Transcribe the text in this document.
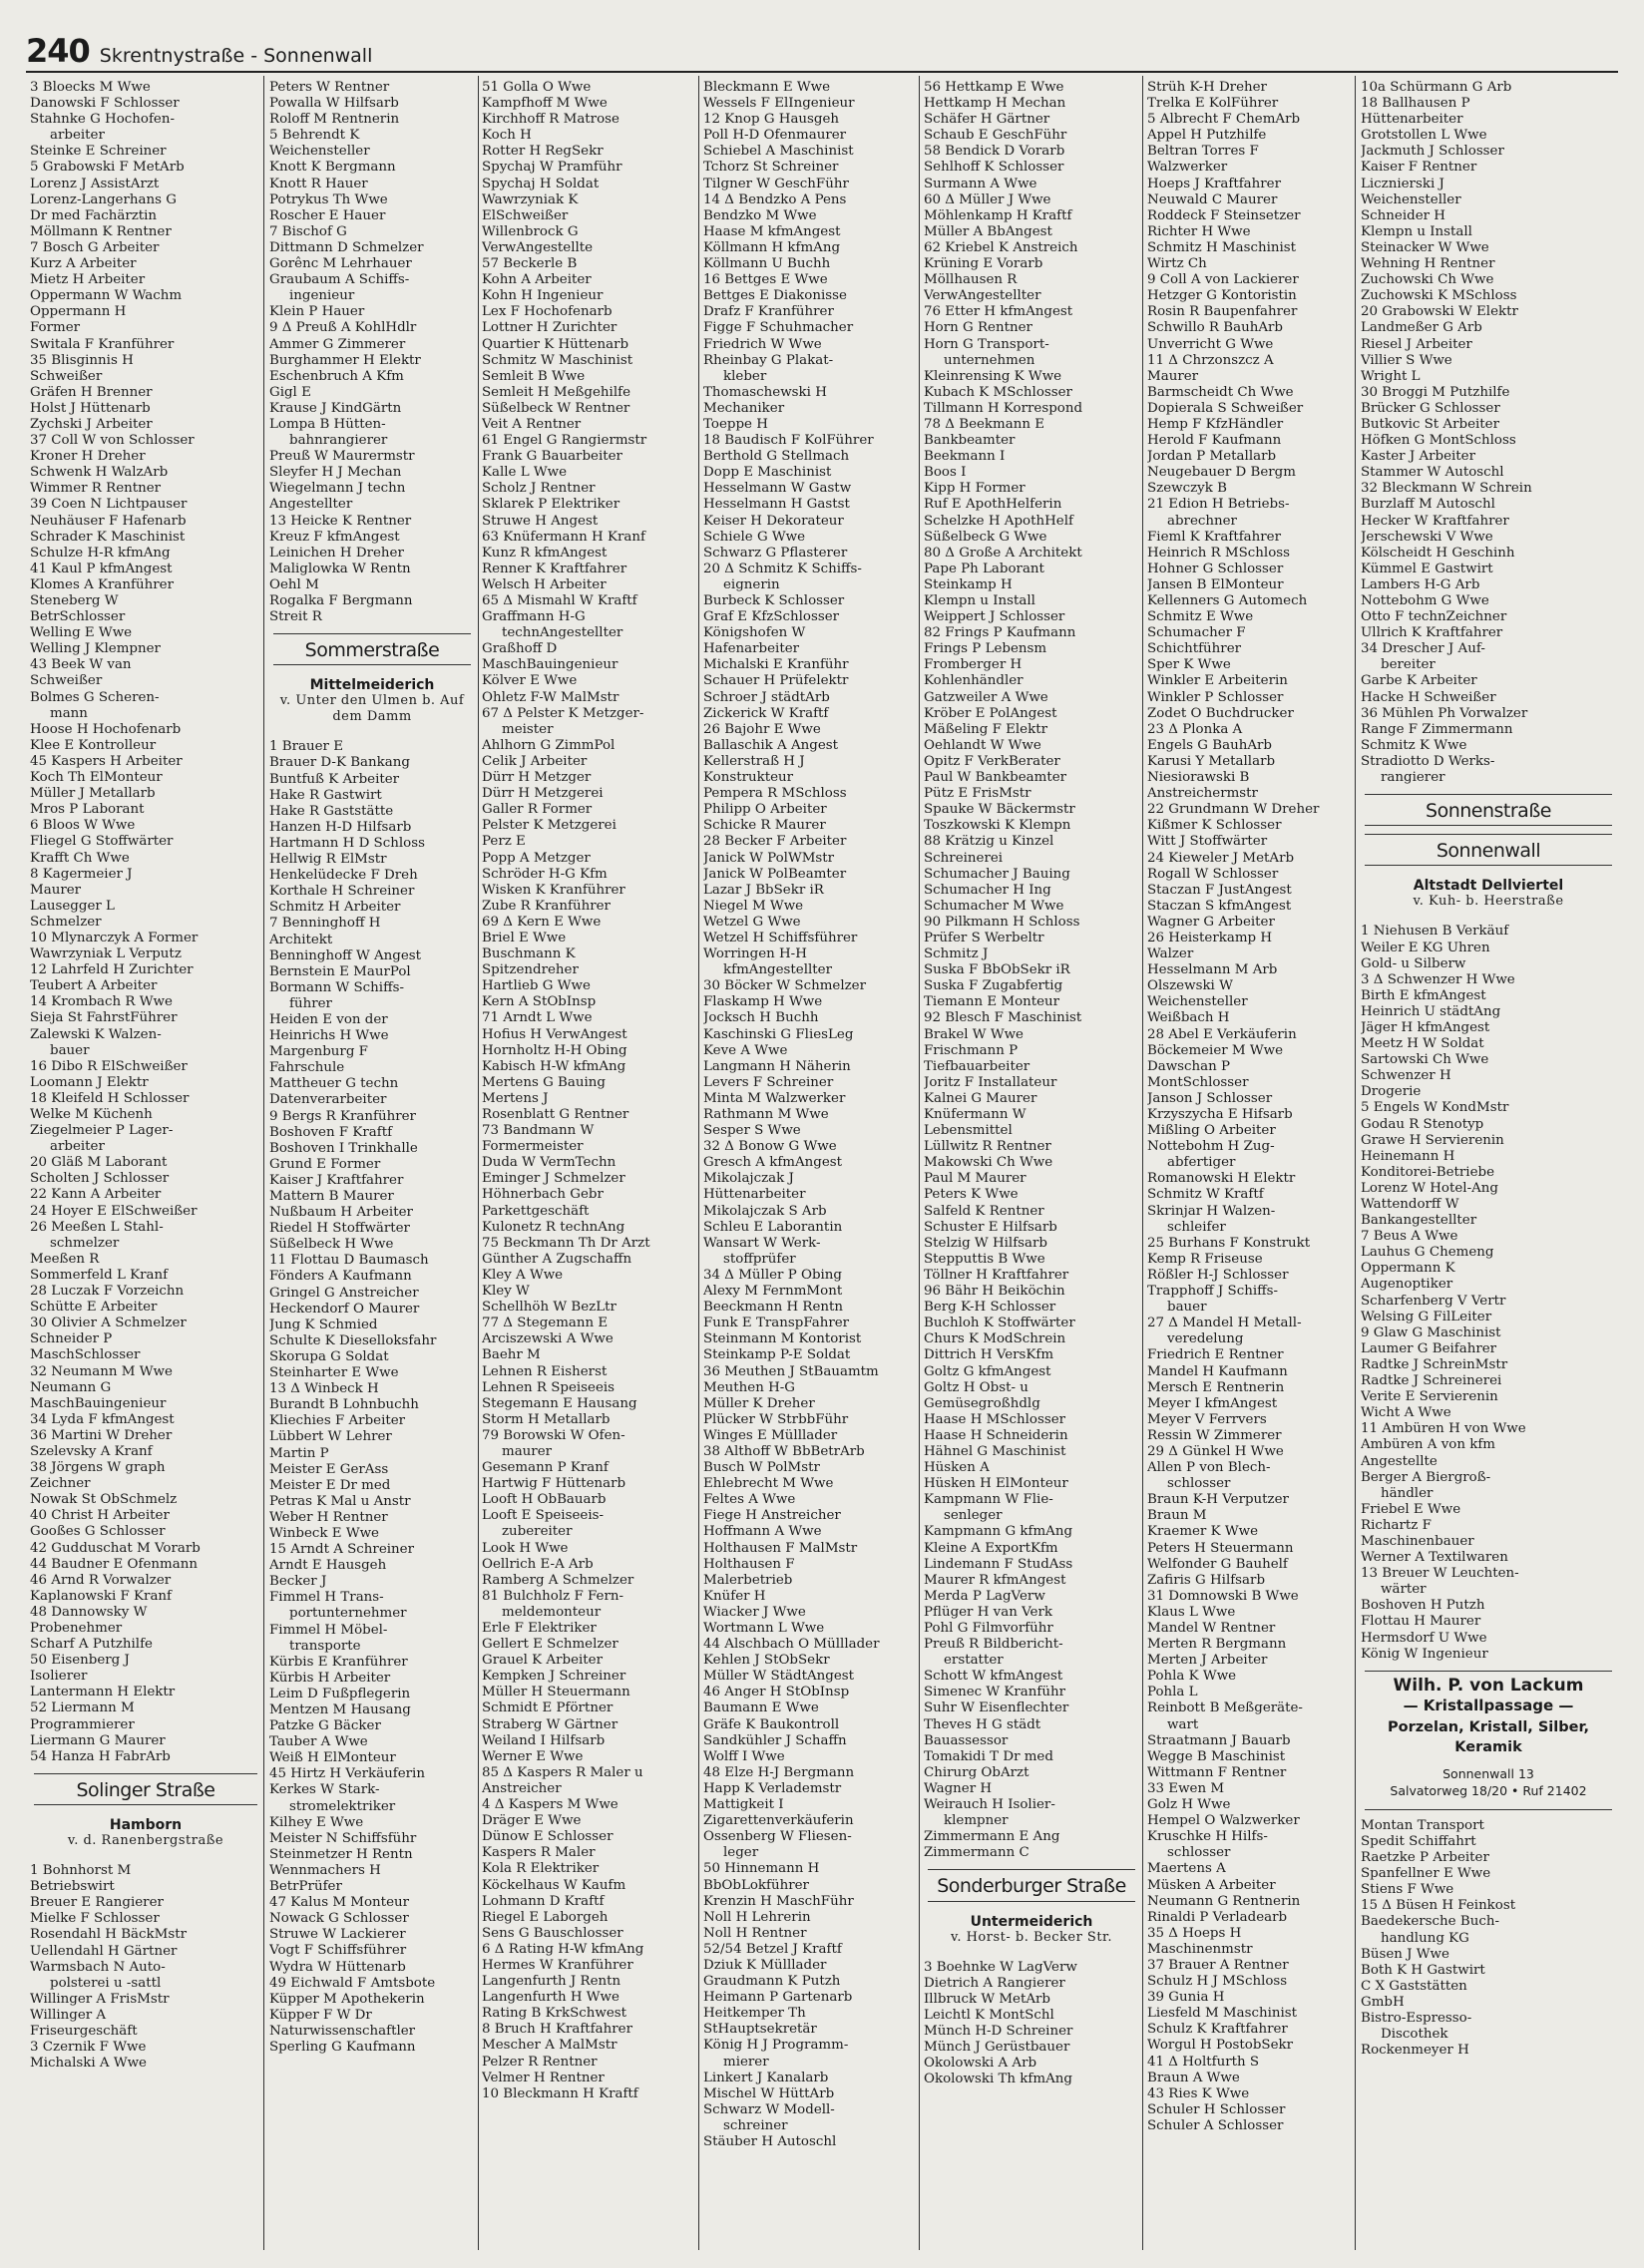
240 Skrentnystraße - Sonnenwall
3 Bloecks M Wwe
Danowski F Schlosser
Stahnke G Hochofen-
arbeiter
Steinke E Schreiner
5 Grabowski F MetArb
Lorenz J AssistArzt
Lorenz-Langerhans G
Dr med Fachärztin
Möllmann K Rentner
7 Bosch G Arbeiter
Kurz A Arbeiter
Mietz H Arbeiter
Oppermann W Wachm
Oppermann H
Former
Switala F Kranführer
35 Blisginnis H
Schweißer
Gräfen H Brenner
Holst J Hüttenarb
Zychski J Arbeiter
37 Coll W von Schlosser
Kroner H Dreher
Schwenk H WalzArb
Wimmer R Rentner
39 Coen N Lichtpauser
Neuhäuser F Hafenarb
Schrader K Maschinist
Schulze H-R kfmAng
41 Kaul P kfmAngest
Klomes A Kranführer
Steneberg W
BetrSchlosser
Welling E Wwe
Welling J Klempner
43 Beek W van
Schweißer
Bolmes G Scheren-
mann
Hoose H Hochofenarb
Klee E Kontrolleur
45 Kaspers H Arbeiter
Koch Th ElMonteur
Müller J Metallarb
Mros P Laborant
6 Bloos W Wwe
Fliegel G Stoffwärter
Krafft Ch Wwe
8 Kagermeier J
Maurer
Lausegger L
Schmelzer
10 Mlynarczyk A Former
Wawrzyniak L Verputz
12 Lahrfeld H Zurichter
Teubert A Arbeiter
14 Krombach R Wwe
Sieja St FahrstFührer
Zalewski K Walzen-
bauer
16 Dibo R ElSchweißer
Loomann J Elektr
18 Kleifeld H Schlosser
Welke M Küchenh
Ziegelmeier P Lager-
arbeiter
20 Gläß M Laborant
Scholten J Schlosser
22 Kann A Arbeiter
24 Hoyer E ElSchweißer
26 Meeßen L Stahl-
schmelzer
Meeßen R
Sommerfeld L Kranf
28 Luczak F Vorzeichn
Schütte E Arbeiter
30 Olivier A Schmelzer
Schneider P
MaschSchlosser
32 Neumann M Wwe
Neumann G
MaschBauingenieur
34 Lyda F kfmAngest
36 Martini W Dreher
Szelevsky A Kranf
38 Jörgens W graph
Zeichner
Nowak St ObSchmelz
40 Christ H Arbeiter
Gooßes G Schlosser
42 Gudduschat M Vorarb
44 Baudner E Ofenmann
46 Arnd R Vorwalzer
Kaplanowski F Kranf
48 Dannowsky W
Probenehmer
Scharf A Putzhilfe
50 Eisenberg J
Isolierer
Lantermann H Elektr
52 Liermann M
Programmierer
Liermann G Maurer
54 Hanza H FabrArb
Solinger Straße
Hamborn
v. d. Ranenbergstraße
1 Bohnhorst M
Betriebswirt
Breuer E Rangierer
Mielke F Schlosser
Rosendahl H BäckMstr
Uellendahl H Gärtner
Warmsbach N Auto-
polsterei u -sattl
Willinger A FrisMstr
Willinger A
Friseurgeschäft
3 Czernik F Wwe
Michalski A Wwe
Peters W Rentner
Powalla W Hilfsarb
Roloff M Rentnerin
5 Behrendt K
Weichensteller
Knott K Bergmann
Knott R Hauer
Potrykus Th Wwe
Roscher E Hauer
7 Bischof G
Dittmann D Schmelzer
Gorênc M Lehrhauer
Graubaum A Schiffs-
ingenieur
Klein P Hauer
9 Δ Preuß A KohlHdlr
Ammer G Zimmerer
Burghammer H Elektr
Eschenbruch A Kfm
Gigl E
Krause J KindGärtn
Lompa B Hütten-
bahnrangierer
Preuß W Maurermstr
Sleyfer H J Mechan
Wiegelmann J techn
Angestellter
13 Heicke K Rentner
Kreuz F kfmAngest
Leinichen H Dreher
Maliglowka W Rentn
Oehl M
Rogalka F Bergmann
Streit R
Sommerstraße
Mittelmeiderich
v. Unter den Ulmen b. Auf dem Damm
1 Brauer E
Brauer D-K Bankang
Buntfuß K Arbeiter
Hake R Gastwirt
Hake R Gaststätte
Hanzen H-D Hilfsarb
Hartmann H D Schloss
Hellwig R ElMstr
Henkelüdecke F Dreh
Korthale H Schreiner
Schmitz H Arbeiter
7 Benninghoff H
Architekt
Benninghoff W Angest
Bernstein E MaurPol
Bormann W Schiffs-
führer
Heiden E von der
Heinrichs H Wwe
Margenburg F
Fahrschule
Mattheuer G techn
Datenverarbeiter
9 Bergs R Kranführer
Boshoven F Kraftf
Boshoven I Trinkhalle
Grund E Former
Kaiser J Kraftfahrer
Mattern B Maurer
Nußbaum H Arbeiter
Riedel H Stoffwärter
Süßelbeck H Wwe
11 Flottau D Baumasch
Fönders A Kaufmann
Gringel G Anstreicher
Heckendorf O Maurer
Jung K Schmied
Schulte K Dieselloksfahr
Skorupa G Soldat
Steinharter E Wwe
13 Δ Winbeck H
Burandt B Lohnbuchh
Kliechies F Arbeiter
Lübbert W Lehrer
Martin P
Meister E GerAss
Meister E Dr med
Petras K Mal u Anstr
Weber H Rentner
Winbeck E Wwe
15 Arndt A Schreiner
Arndt E Hausgeh
Becker J
Fimmel H Trans-
portunternehmer
Fimmel H Möbel-
transporte
Kürbis E Kranführer
Kürbis H Arbeiter
Leim D Fußpflegerin
Mentzen M Hausang
Patzke G Bäcker
Tauber A Wwe
Weiß H ElMonteur
45 Hirtz H Verkäuferin
Kerkes W Stark-
stromelektriker
Kilhey E Wwe
Meister N Schiffsführ
Steinmetzer H Rentn
Wennmachers H
BetrPrüfer
47 Kalus M Monteur
Nowack G Schlosser
Struwe W Lackierer
Vogt F Schiffsführer
Wydra W Hüttenarb
49 Eichwald F Amtsbote
Küpper M Apothekerin
Küpper F W Dr
Naturwissenschaftler
Sperling G Kaufmann
51 Golla O Wwe
Kampfhoff M Wwe
Kirchhoff R Matrose
Koch H
Rotter H RegSekr
Spychaj W Pramführ
Spychaj H Soldat
Wawrzyniak K
ElSchweißer
Willenbrock G
VerwAngestellte
57 Beckerle B
Kohn A Arbeiter
Kohn H Ingenieur
Lex F Hochofenarb
Lottner H Zurichter
Quartier K Hüttenarb
Schmitz W Maschinist
Semleit B Wwe
Semleit H Meßgehilfe
Süßelbeck W Rentner
Veit A Rentner
61 Engel G Rangiermstr
Frank G Bauarbeiter
Kalle L Wwe
Scholz J Rentner
Sklarek P Elektriker
Struwe H Angest
63 Knüfermann H Kranf
Kunz R kfmAngest
Renner K Kraftfahrer
Welsch H Arbeiter
65 Δ Mismahl W Kraftf
Graffmann H-G
technAngestellter
Graßhoff D
MaschBauingenieur
Kölver E Wwe
Ohletz F-W MalMstr
67 Δ Pelster K Metzger-
meister
Ahlhorn G ZimmPol
Celik J Arbeiter
Dürr H Metzger
Dürr H Metzgerei
Galler R Former
Pelster K Metzgerei
Perz E
Popp A Metzger
Schröder H-G Kfm
Wisken K Kranführer
Zube R Kranführer
69 Δ Kern E Wwe
Briel E Wwe
Buschmann K
Spitzendreher
Hartlieb G Wwe
Kern A StObInsp
71 Arndt L Wwe
Hofius H VerwAngest
Hornholtz H-H Obing
Kabisch H-W kfmAng
Mertens G Bauing
Mertens J
Rosenblatt G Rentner
73 Bandmann W
Formermeister
Duda W VermTechn
Eminger J Schmelzer
Höhnerbach Gebr
Parkettgeschäft
Kulonetz R technAng
75 Beckmann Th Dr Arzt
Günther A Zugschaffn
Kley A Wwe
Kley W
Schellhöh W BezLtr
77 Δ Stegemann E
Arciszewski A Wwe
Baehr M
Lehnen R Eisherst
Lehnen R Speiseeis
Stegemann E Hausang
Storm H Metallarb
79 Borowski W Ofen-
maurer
Gesemann P Kranf
Hartwig F Hüttenarb
Looft H ObBauarb
Looft E Speiseeis-
zubereiter
Look H Wwe
Oellrich E-A Arb
Ramberg A Schmelzer
81 Bulchholz F Fern-
meldemonteur
Erle F Elektriker
Gellert E Schmelzer
Grauel K Arbeiter
Kempken J Schreiner
Müller H Steuermann
Schmidt E Pförtner
Straberg W Gärtner
Weiland I Hilfsarb
Werner E Wwe
85 Δ Kaspers R Maler u
Anstreicher
4 Δ Kaspers M Wwe
Dräger E Wwe
Dünow E Schlosser
Kaspers R Maler
Kola R Elektriker
Köckelhaus W Kaufm
Lohmann D Kraftf
Riegel E Laborgeh
Sens G Bauschlosser
6 Δ Rating H-W kfmAng
Hermes W Kranführer
Langenfurth J Rentn
Langenfurth H Wwe
Rating B KrkSchwest
8 Bruch H Kraftfahrer
Mescher A MalMstr
Pelzer R Rentner
Velmer H Rentner
10 Bleckmann H Kraftf
Bleckmann E Wwe
Wessels F ElIngenieur
12 Knop G Hausgeh
Poll H-D Ofenmaurer
Schiebel A Maschinist
Tchorz St Schreiner
Tilgner W GeschFühr
14 Δ Bendzko A Pens
Bendzko M Wwe
Haase M kfmAngest
Köllmann H kfmAng
Köllmann U Buchh
16 Bettges E Wwe
Bettges E Diakonisse
Drafz F Kranführer
Figge F Schuhmacher
Friedrich W Wwe
Rheinbay G Plakat-
kleber
Thomaschewski H
Mechaniker
Toeppe H
18 Baudisch F KolFührer
Berthold G Stellmach
Dopp E Maschinist
Hesselmann W Gastw
Hesselmann H Gastst
Keiser H Dekorateur
Schiele G Wwe
Schwarz G Pflasterer
20 Δ Schmitz K Schiffs-
eignerin
Burbeck K Schlosser
Graf E KfzSchlosser
Königshofen W
Hafenarbeiter
Michalski E Kranführ
Schauer H Prüfelektr
Schroer J städtArb
Zickerick W Kraftf
26 Bajohr E Wwe
Ballaschik A Angest
Kellerstraß H J
Konstrukteur
Pempera R MSchloss
Philipp O Arbeiter
Schicke R Maurer
28 Becker F Arbeiter
Janick W PolWMstr
Janick W PolBeamter
Lazar J BbSekr iR
Niegel M Wwe
Wetzel G Wwe
Wetzel H Schiffsführer
Worringen H-H
kfmAngestellter
30 Böcker W Schmelzer
Flaskamp H Wwe
Jocksch H Buchh
Kaschinski G FliesLeg
Keve A Wwe
Langmann H Näherin
Levers F Schreiner
Minta M Walzwerker
Rathmann M Wwe
Sesper S Wwe
32 Δ Bonow G Wwe
Gresch A kfmAngest
Mikolajczak J
Hüttenarbeiter
Mikolajczak S Arb
Schleu E Laborantin
Wansart W Werk-
stoffprüfer
34 Δ Müller P Obing
Alexy M FernmMont
Beeckmann H Rentn
Funk E TranspFahrer
Steinmann M Kontorist
Steinkamp P-E Soldat
36 Meuthen J StBauamtm
Meuthen H-G
Müller K Dreher
Plücker W StrbbFühr
Winges E Mülllader
38 Althoff W BbBetrArb
Busch W PolMstr
Ehlebrecht M Wwe
Feltes A Wwe
Fiege H Anstreicher
Hoffmann A Wwe
Holthausen F MalMstr
Holthausen F
Malerbetrieb
Knüfer H
Wiacker J Wwe
Wortmann L Wwe
44 Alschbach O Mülllader
Kehlen J StObSekr
Müller W StädtAngest
46 Anger H StObInsp
Baumann E Wwe
Gräfe K Baukontroll
Sandkühler J Schaffn
Wolff I Wwe
48 Elze H-J Bergmann
Happ K Verlademstr
Mattigkeit I
Zigarettenverkäuferin
Ossenberg W Fliesen-
leger
50 Hinnemann H
BbObLokführer
Krenzin H MaschFühr
Noll H Lehrerin
Noll H Rentner
52/54 Betzel J Kraftf
Dziuk K Mülllader
Graudmann K Putzh
Heimann P Gartenarb
Heitkemper Th
StHauptsekretär
König H J Programm-
mierer
Linkert J Kanalarb
Mischel W HüttArb
Schwarz W Modell-
schreiner
Stäuber H Autoschl
56 Hettkamp E Wwe
Hettkamp H Mechan
Schäfer H Gärtner
Schaub E GeschFühr
58 Bendick D Vorarb
Sehlhoff K Schlosser
Surmann A Wwe
60 Δ Müller J Wwe
Möhlenkamp H Kraftf
Müller A BbAngest
62 Kriebel K Anstreich
Krüning E Vorarb
Möllhausen R
VerwAngestellter
76 Etter H kfmAngest
Horn G Rentner
Horn G Transport-
unternehmen
Kleinrensing K Wwe
Kubach K MSchlosser
Tillmann H Korrespond
78 Δ Beekmann E
Bankbeamter
Beekmann I
Boos I
Kipp H Former
Ruf E ApothHelferin
Schelzke H ApothHelf
Süßelbeck G Wwe
80 Δ Große A Architekt
Pape Ph Laborant
Steinkamp H
Klempn u Install
Weippert J Schlosser
82 Frings P Kaufmann
Frings P Lebensm
Fromberger H
Kohlenhändler
Gatzweiler A Wwe
Kröber E PolAngest
Mäßeling F Elektr
Oehlandt W Wwe
Opitz F VerkBerater
Paul W Bankbeamter
Pütz E FrisMstr
Spauke W Bäckermstr
Toszkowski K Klempn
88 Krätzig u Kinzel
Schreinerei
Schumacher J Bauing
Schumacher H Ing
Schumacher M Wwe
90 Pilkmann H Schloss
Prüfer S Werbeltr
Schmitz J
Suska F BbObSekr iR
Suska F Zugabfertig
Tiemann E Monteur
92 Blesch F Maschinist
Brakel W Wwe
Frischmann P
Tiefbauarbeiter
Joritz F Installateur
Kalnei G Maurer
Knüfermann W
Lebensmittel
Lüllwitz R Rentner
Makowski Ch Wwe
Paul M Maurer
Peters K Wwe
Salfeld K Rentner
Schuster E Hilfsarb
Stelzig W Hilfsarb
Stepputtis B Wwe
Töllner H Kraftfahrer
96 Bähr H Beiköchin
Berg K-H Schlosser
Buchloh K Stoffwärter
Churs K ModSchrein
Dittrich H VersKfm
Goltz G kfmAngest
Goltz H Obst- u
Gemüsegroßhdlg
Haase H MSchlosser
Haase H Schneiderin
Hähnel G Maschinist
Hüsken A
Hüsken H ElMonteur
Kampmann W Flie-
senleger
Kampmann G kfmAng
Kleine A ExportKfm
Lindemann F StudAss
Maurer R kfmAngest
Merda P LagVerw
Pflüger H van Verk
Pohl G Filmvorführ
Preuß R Bildbericht-
erstatter
Schott W kfmAngest
Simenec W Kranführ
Suhr W Eisenflechter
Theves H G städt
Bauassessor
Tomakidi T Dr med
Chirurg ObArzt
Wagner H
Weirauch H Isolier-
klempner
Zimmermann E Ang
Zimmermann C
Sonderburger Straße
Untermeiderich
v. Horst- b. Becker Str.
3 Boehnke W LagVerw
Dietrich A Rangierer
Illbruck W MetArb
Leichtl K MontSchl
Münch H-D Schreiner
Münch J Gerüstbauer
Okolowski A Arb
Okolowski Th kfmAng
Strüh K-H Dreher
Trelka E KolFührer
5 Albrecht F ChemArb
Appel H Putzhilfe
Beltran Torres F
Walzwerker
Hoeps J Kraftfahrer
Neuwald C Maurer
Roddeck F Steinsetzer
Richter H Wwe
Schmitz H Maschinist
Wirtz Ch
9 Coll A von Lackierer
Hetzger G Kontoristin
Rosin R Baupenfahrer
Schwillo R BauhArb
Unverricht G Wwe
11 Δ Chrzonszcz A
Maurer
Barmscheidt Ch Wwe
Dopierala S Schweißer
Hemp F KfzHändler
Herold F Kaufmann
Jordan P Metallarb
Neugebauer D Bergm
Szewczyk B
21 Edion H Betriebs-
abrechner
Fieml K Kraftfahrer
Heinrich R MSchloss
Hohner G Schlosser
Jansen B ElMonteur
Kellenners G Automech
Schmitz E Wwe
Schumacher F
Schichtführer
Sper K Wwe
Winkler E Arbeiterin
Winkler P Schlosser
Zodet O Buchdrucker
23 Δ Plonka A
Engels G BauhArb
Karusi Y Metallarb
Niesiorawski B
Anstreichermstr
22 Grundmann W Dreher
Kißmer K Schlosser
Witt J Stoffwärter
24 Kieweler J MetArb
Rogall W Schlosser
Staczan F JustAngest
Staczan S kfmAngest
Wagner G Arbeiter
26 Heisterkamp H
Walzer
Hesselmann M Arb
Olszewski W
Weichensteller
Weißbach H
28 Abel E Verkäuferin
Böckemeier M Wwe
Dawschan P
MontSchlosser
Janson J Schlosser
Krzyszycha E Hifsarb
Mißling O Arbeiter
Nottebohm H Zug-
abfertiger
Romanowski H Elektr
Schmitz W Kraftf
Skrinjar H Walzen-
schleifer
25 Burhans F Konstrukt
Kemp R Friseuse
Rößler H-J Schlosser
Trapphoff J Schiffs-
bauer
27 Δ Mandel H Metall-
veredelung
Friedrich E Rentner
Mandel H Kaufmann
Mersch E Rentnerin
Meyer I kfmAngest
Meyer V Ferrvers
Ressin W Zimmerer
29 Δ Günkel H Wwe
Allen P von Blech-
schlosser
Braun K-H Verputzer
Braun M
Kraemer K Wwe
Peters H Steuermann
Welfonder G Bauhelf
Zafiris G Hilfsarb
31 Domnowski B Wwe
Klaus L Wwe
Mandel W Rentner
Merten R Bergmann
Merten J Arbeiter
Pohla K Wwe
Pohla L
Reinbott B Meßgeräte-
wart
Straatmann J Bauarb
Wegge B Maschinist
Wittmann F Rentner
33 Ewen M
Golz H Wwe
Hempel O Walzwerker
Kruschke H Hilfs-
schlosser
Maertens A
Müsken A Arbeiter
Neumann G Rentnerin
Rinaldi P Verladearb
35 Δ Hoeps H
Maschinenmstr
37 Brauer A Rentner
Schulz H J MSchloss
39 Gunia H
Liesfeld M Maschinist
Schulz K Kraftfahrer
Worgul H PostobSekr
41 Δ Holtfurth S
Braun A Wwe
43 Ries K Wwe
Schuler H Schlosser
Schuler A Schlosser
10a Schürmann G Arb
18 Ballhausen P
Hüttenarbeiter
Grotstollen L Wwe
Jackmuth J Schlosser
Kaiser F Rentner
Licznierski J
Weichensteller
Schneider H
Klempn u Install
Steinacker W Wwe
Wehning H Rentner
Zuchowski Ch Wwe
Zuchowski K MSchloss
20 Grabowski W Elektr
Landmeßer G Arb
Riesel J Arbeiter
Villier S Wwe
Wright L
30 Broggi M Putzhilfe
Brücker G Schlosser
Butkovic St Arbeiter
Höfken G MontSchloss
Kaster J Arbeiter
Stammer W Autoschl
32 Bleckmann W Schrein
Burzlaff M Autoschl
Hecker W Kraftfahrer
Jerschewski V Wwe
Kölscheidt H Geschinh
Kümmel E Gastwirt
Lambers H-G Arb
Nottebohm G Wwe
Otto F technZeichner
Ullrich K Kraftfahrer
34 Drescher J Auf-
bereiter
Garbe K Arbeiter
Hacke H Schweißer
36 Mühlen Ph Vorwalzer
Range F Zimmermann
Schmitz K Wwe
Stradiotto D Werks-
rangierer
Sonnenstraße
Sonnenwall
Altstadt Dellviertel
v. Kuh- b. Heerstraße
1 Niehusen B Verkäuf
Weiler E KG Uhren
Gold- u Silberw
3 Δ Schwenzer H Wwe
Birth E kfmAngest
Heinrich U städtAng
Jäger H kfmAngest
Meetz H W Soldat
Sartowski Ch Wwe
Schwenzer H
Drogerie
5 Engels W KondMstr
Godau R Stenotyp
Grawe H Servierenin
Heinemann H
Konditorei-Betriebe
Lorenz W Hotel-Ang
Wattendorff W
Bankangestellter
7 Beus A Wwe
Lauhus G Chemeng
Oppermann K
Augenoptiker
Scharfenberg V Vertr
Welsing G FilLeiter
9 Glaw G Maschinist
Laumer G Beifahrer
Radtke J SchreinMstr
Radtke J Schreinerei
Verite E Servierenin
Wicht A Wwe
11 Ambüren H von Wwe
Ambüren A von kfm
Angestellte
Berger A Biergroß-
händler
Friebel E Wwe
Richartz F
Maschinenbauer
Werner A Textilwaren
13 Breuer W Leuchten-
wärter
Boshoven H Putzh
Flottau H Maurer
Hermsdorf U Wwe
König W Ingenieur
Wilh. P. von Lackum
— Kristallpassage —
Porzelan, Kristall, Silber, Keramik
Sonnenwall 13
Salvatorweg 18/20 • Ruf 21402
Montan Transport
Spedit Schiffahrt
Raetzke P Arbeiter
Spanfellner E Wwe
Stiens F Wwe
15 Δ Büsen H Feinkost
Baedekersche Buch-
handlung KG
Büsen J Wwe
Both K H Gastwirt
C X Gaststätten
GmbH
Bistro-Espresso-
Discothek
Rockenmeyer H
